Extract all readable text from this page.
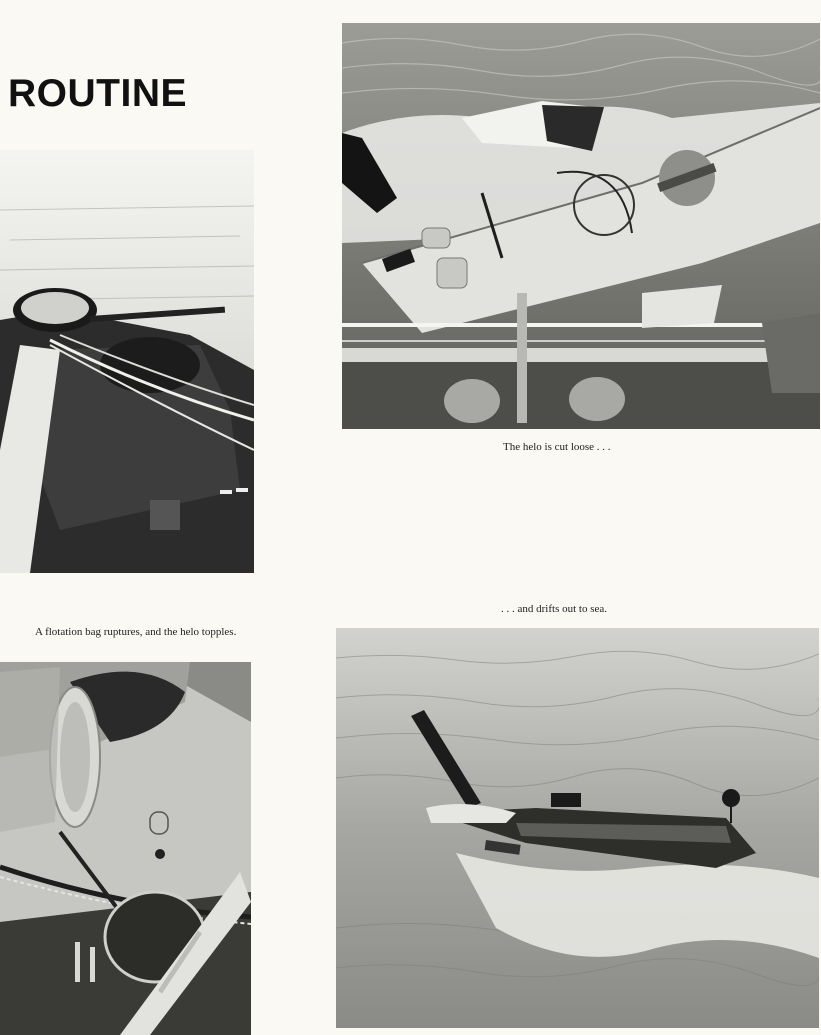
ROUTINE

The helo is cut loose . . .

. . . and drifts out to sea.

A flotation bag ruptures, and the helo topples.
